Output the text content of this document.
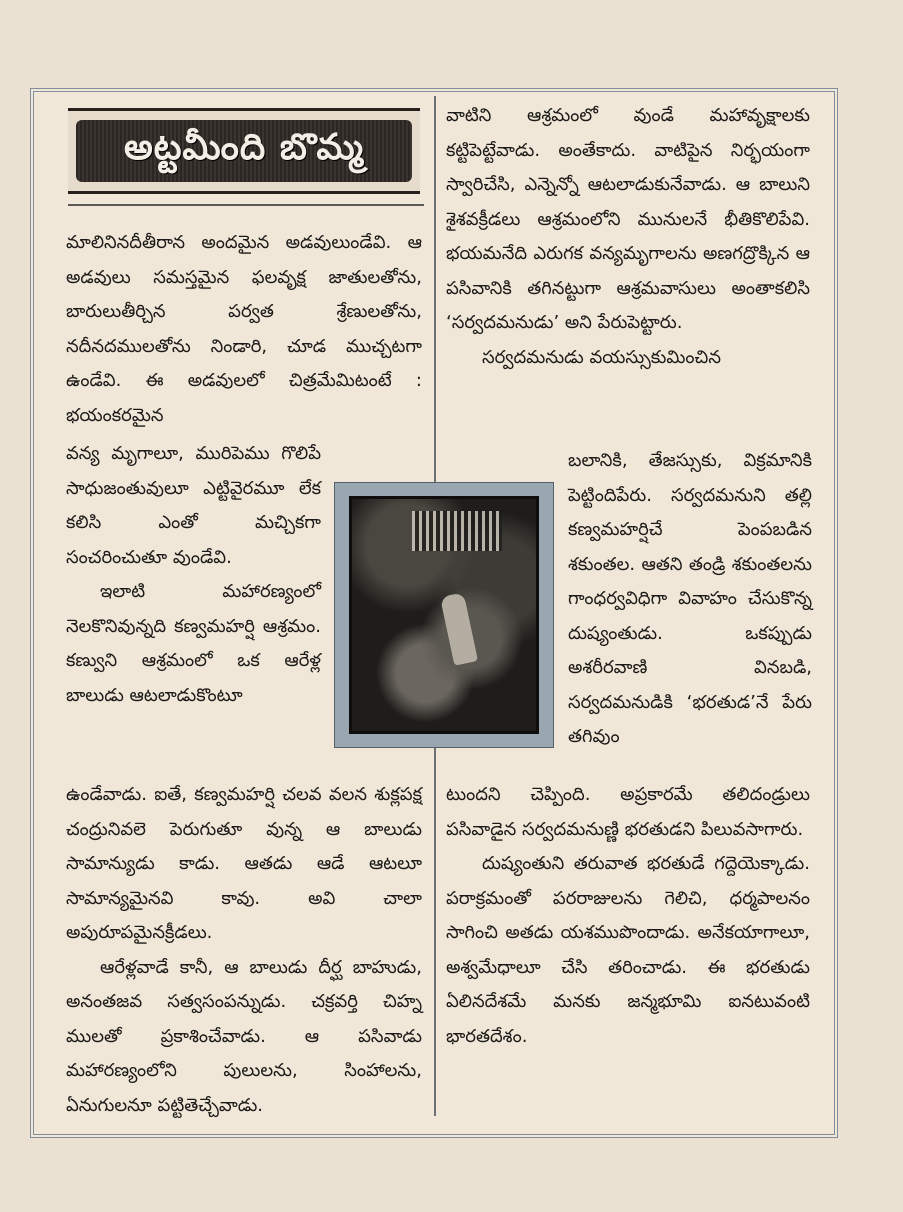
అట్టమీంది బొమ్మ

మాలినినదీతీరాన అందమైన అడవులుండేవి. ఆ అడవులు సమస్తమైన ఫలవృక్ష జాతులతోను, బారులుతీర్చిన పర్వత శ్రేణులతోను, నదీనదములతోను నిండారి, చూడ ముచ్చటగా ఉండేవి. ఈ అడవులలో చిత్రమేమిటంటే : భయంకరమైన

వన్య మృగాలూ, మురిపెము గొలిపే సాధుజంతువులూ ఎట్టివైరమూ లేక కలిసి ఎంతో మచ్చికగా సంచరించుతూ వుండేవి.

ఇలాటి మహారణ్యంలో నెలకొనివున్నది కణ్వమహర్షి ఆశ్రమం. కణ్వుని ఆశ్రమంలో ఒక ఆరేళ్ల బాలుడు ఆటలాడుకొంటూ

ఉండేవాడు. ఐతే, కణ్వమహర్షి చలవ వలన శుక్లపక్ష చంద్రునివలె పెరుగుతూ వున్న ఆ బాలుడు సామాన్యుడు కాడు. ఆతడు ఆడే ఆటలూ సామాన్యమైనవి కావు. అవి చాలా అపురూపమైనక్రీడలు.

ఆరేళ్లవాడే కానీ, ఆ బాలుడు దీర్ఘ బాహుడు, అనంతజవ సత్వసంపన్నుడు. చక్రవర్తి చిహ్న ములతో ప్రకాశించేవాడు. ఆ పసివాడు మహారణ్యంలోని పులులను, సింహాలను, ఏనుగులనూ పట్టితెచ్చేవాడు.

వాటిని ఆశ్రమంలో వుండే మహావృక్షాలకు కట్టిపెట్టేవాడు. అంతేకాదు. వాటిపైన నిర్భయంగా స్వారిచేసి, ఎన్నెన్నో ఆటలాడుకునేవాడు. ఆ బాలుని శైశవక్రీడలు ఆశ్రమంలోని మునులనే భీతికొలిపేవి. భయమనేది ఎరుగక వన్యమృగాలను అణగద్రొక్కిన ఆ పసివానికి తగినట్టుగా ఆశ్రమవాసులు అంతాకలిసి ‘సర్వదమనుడు’ అని పేరుపెట్టారు.

సర్వదమనుడు వయస్సుకుమించిన

బలానికి, తేజస్సుకు, విక్రమానికి పెట్టిందిపేరు. సర్వదమనుని తల్లి కణ్వమహర్షిచే పెంపబడిన శకుంతల. ఆతని తండ్రి శకుంతలను గాంధర్వవిధిగా వివాహం చేసుకొన్న దుష్యంతుడు. ఒకప్పుడు అశరీరవాణి వినబడి, సర్వదమనుడికి ‘భరతుడ’నే పేరు తగివుం

టుందని చెప్పింది. అప్రకారమే తలిదండ్రులు పసివాడైన సర్వదమనుణ్ణి భరతుడని పిలువసాగారు.

దుష్యంతుని తరువాత భరతుడే గద్దెయెక్కాడు. పరాక్రమంతో పరరాజులను గెలిచి, ధర్మపాలనం సాగించి అతడు యశముపొందాడు. అనేకయాగాలూ, అశ్వమేధాలూ చేసి తరించాడు. ఈ భరతుడు ఏలినదేశమే మనకు జన్మభూమి ఐనటువంటి భారతదేశం.
